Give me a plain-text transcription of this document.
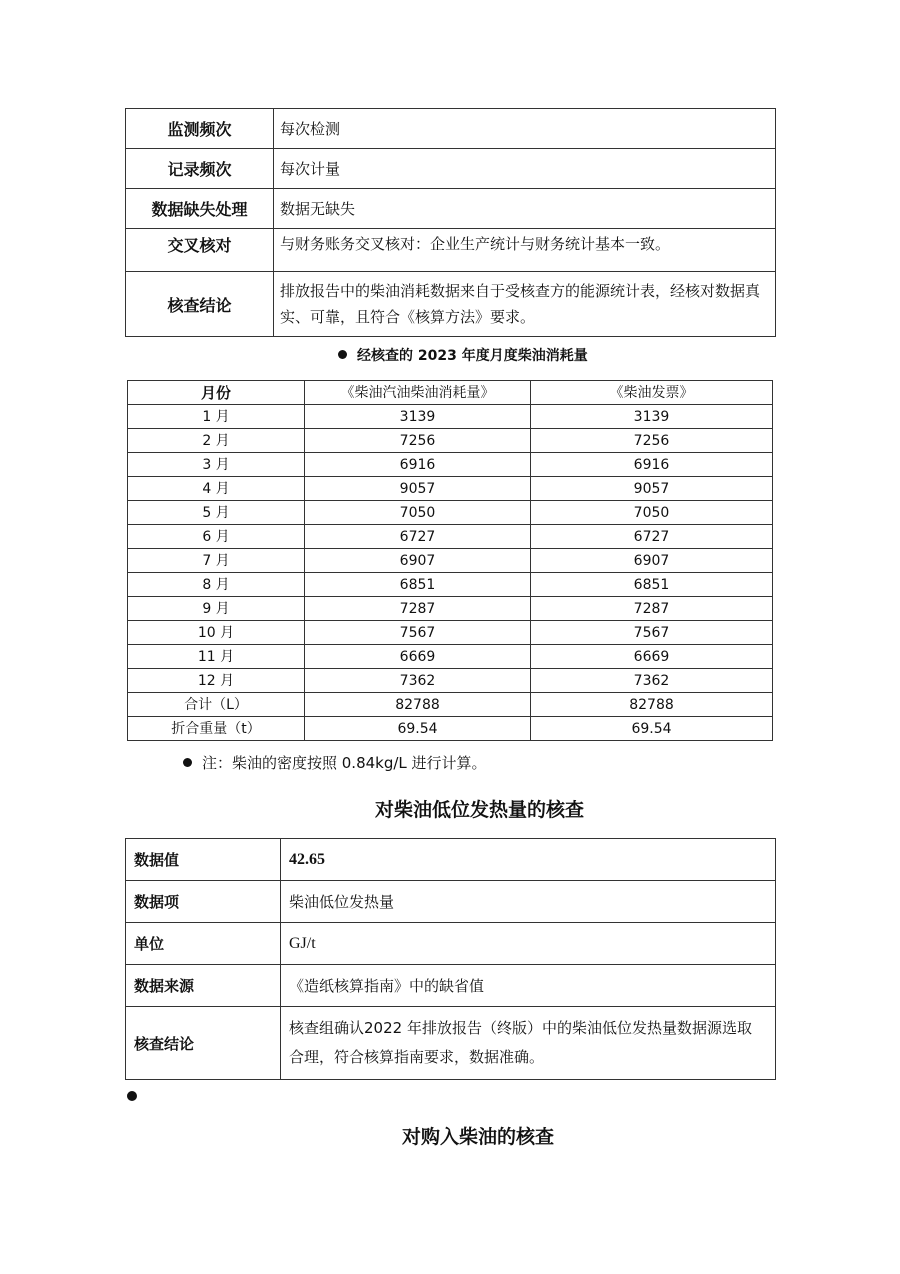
监测频次	每次检测
记录频次	每次计量
数据缺失处理	数据无缺失
交叉核对	与财务账务交叉核对：企业生产统计与财务统计基本一致。
核查结论	排放报告中的柴油消耗数据来自于受核查方的能源统计表，经核对数据真实、可靠，且符合《核算方法》要求。
经核查的 2023 年度月度柴油消耗量
月份	《柴油汽油柴油消耗量》	《柴油发票》
1 月	3139	3139
2 月	7256	7256
3 月	6916	6916
4 月	9057	9057
5 月	7050	7050
6 月	6727	6727
7 月	6907	6907
8 月	6851	6851
9 月	7287	7287
10 月	7567	7567
11 月	6669	6669
12 月	7362	7362
合计（L）	82788	82788
折合重量（t）	69.54	69.54
注：柴油的密度按照 0.84kg/L 进行计算。
对柴油低位发热量的核查
数据值	42.65
数据项	柴油低位发热量
单位	GJ/t
数据来源	《造纸核算指南》中的缺省值
核查结论	核查组确认2022 年排放报告（终版）中的柴油低位发热量数据源选取合理，符合核算指南要求，数据准确。
对购入柴油的核查
